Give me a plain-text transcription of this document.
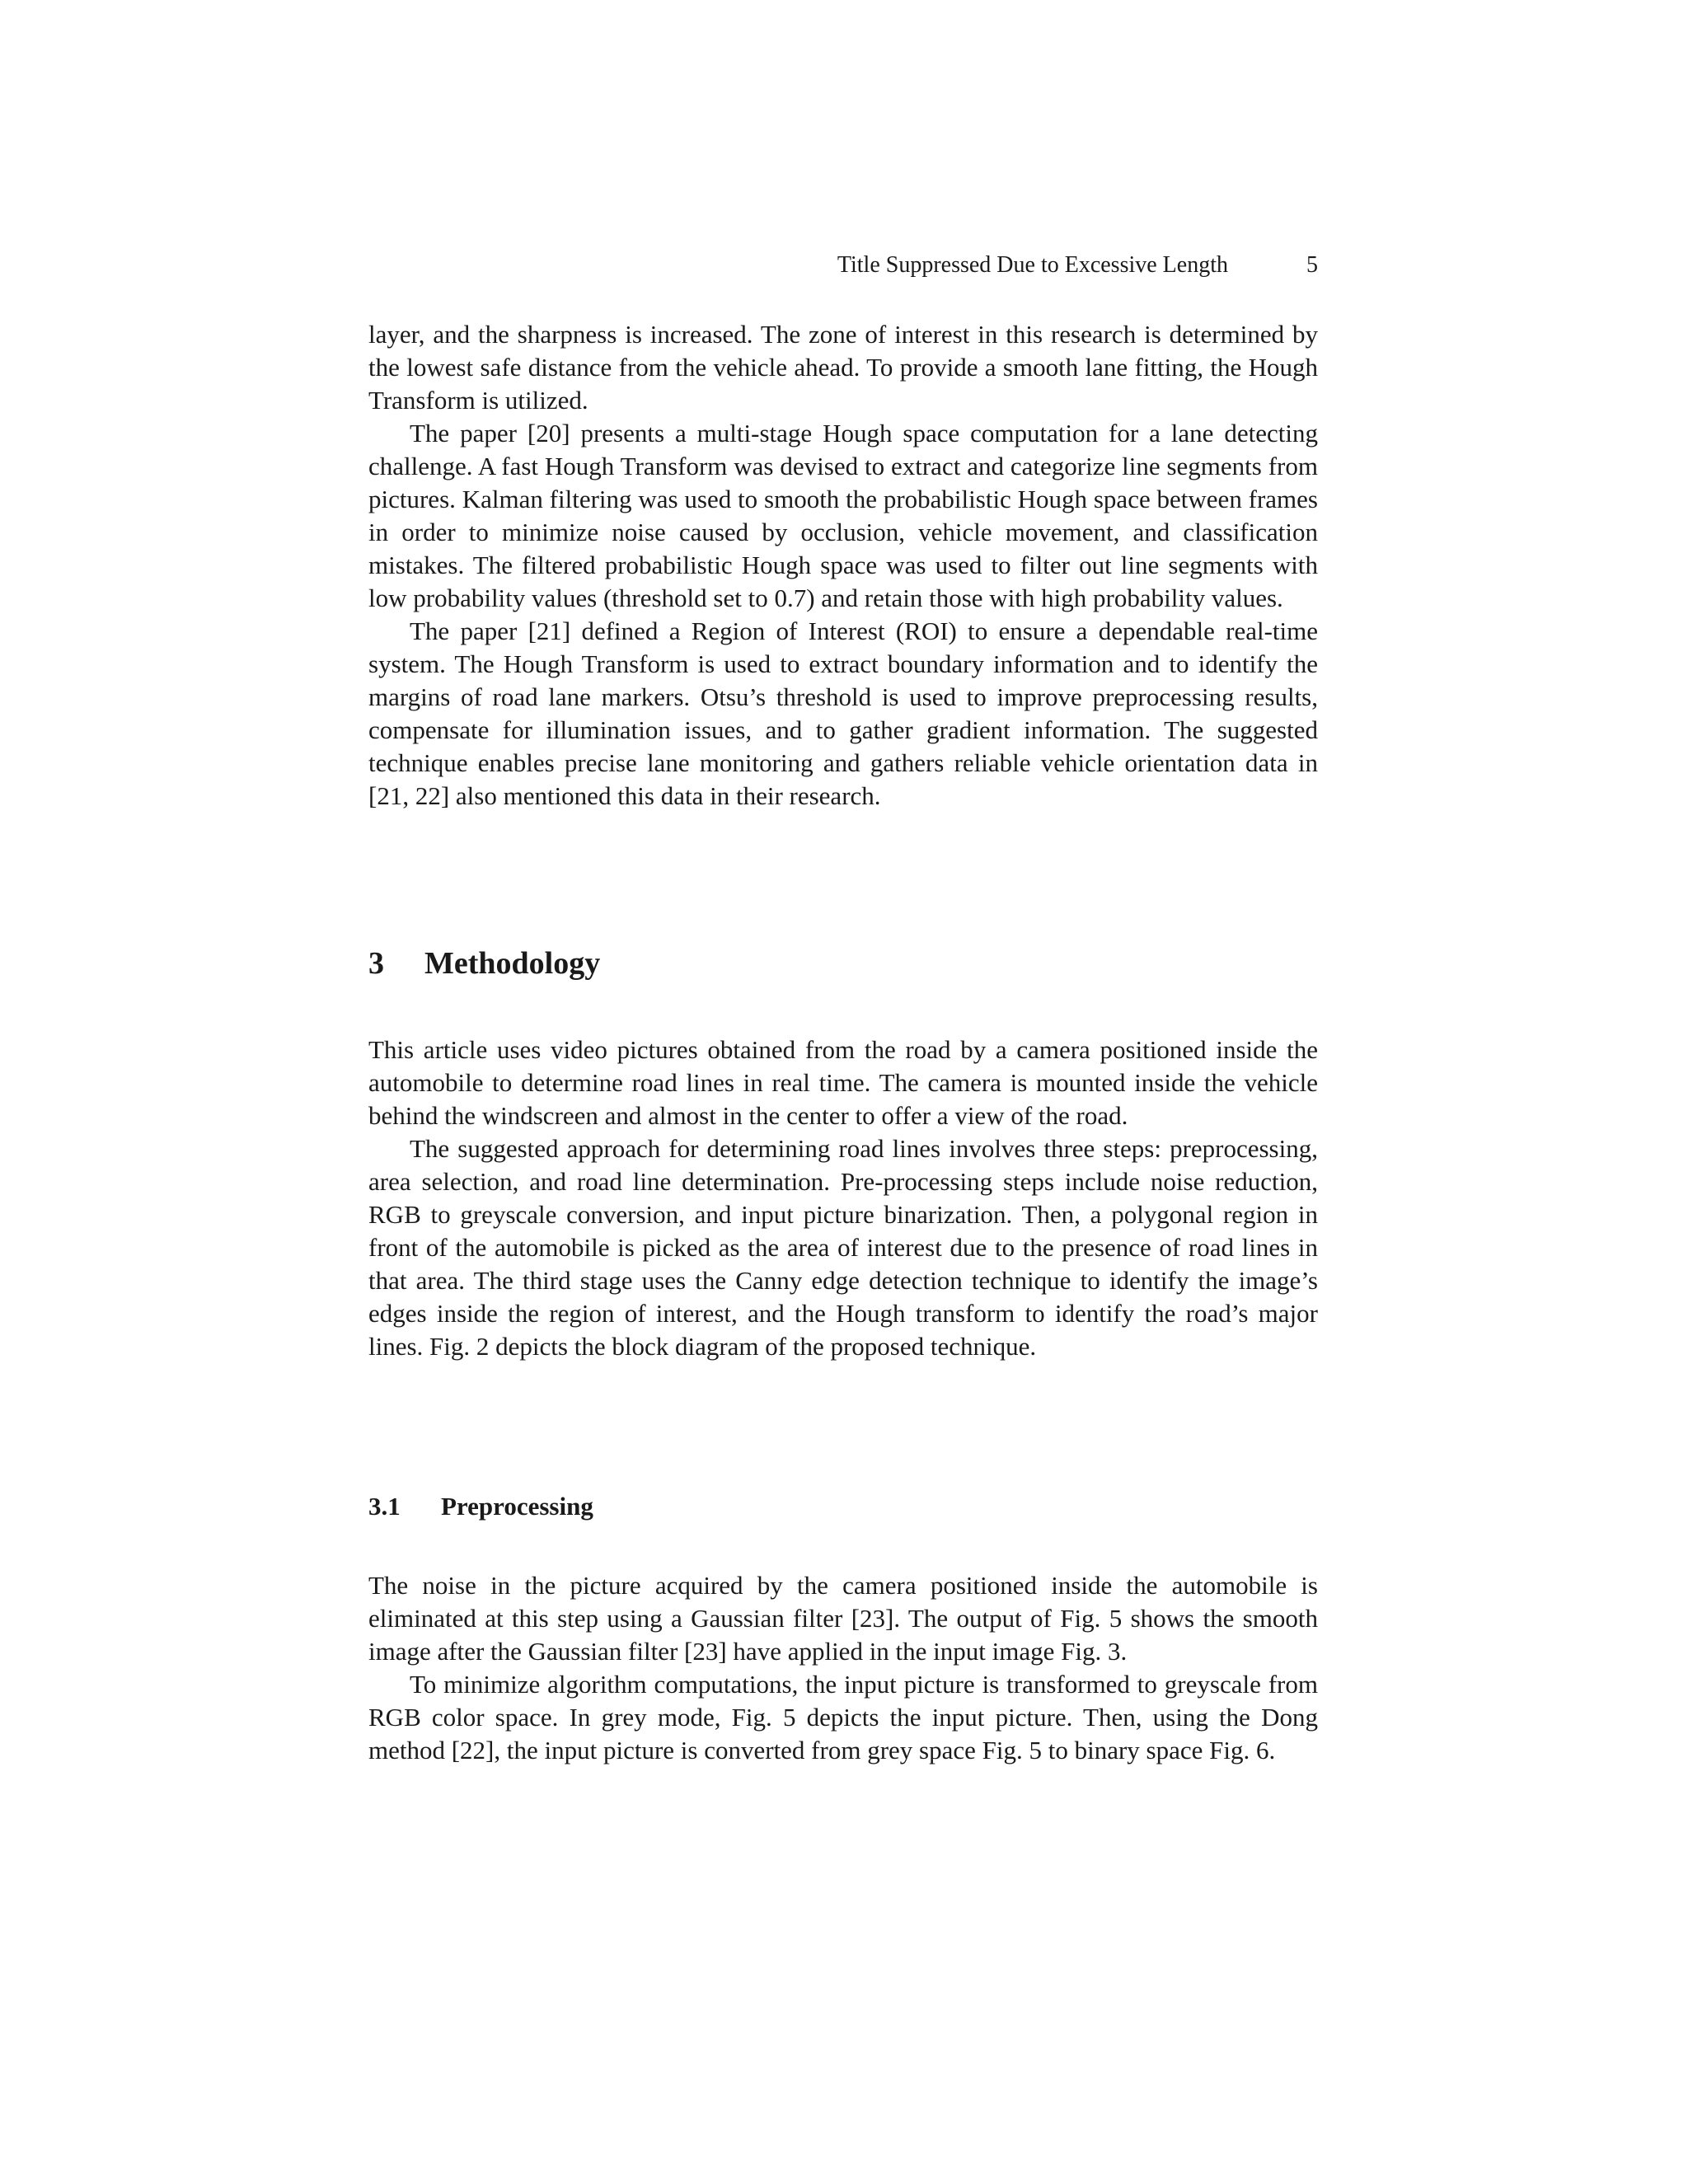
Title Suppressed Due to Excessive Length	5

layer, and the sharpness is increased. The zone of interest in this research is determined by the lowest safe distance from the vehicle ahead. To provide a smooth lane fitting, the Hough Transform is utilized.

The paper [20] presents a multi-stage Hough space computation for a lane detecting challenge. A fast Hough Transform was devised to extract and categorize line segments from pictures. Kalman filtering was used to smooth the probabilistic Hough space between frames in order to minimize noise caused by occlusion, vehicle movement, and classification mistakes. The filtered probabilistic Hough space was used to filter out line segments with low probability values (threshold set to 0.7) and retain those with high probability values.

The paper [21] defined a Region of Interest (ROI) to ensure a dependable real-time system. The Hough Transform is used to extract boundary information and to identify the margins of road lane markers. Otsu’s threshold is used to improve preprocessing results, compensate for illumination issues, and to gather gradient information. The suggested technique enables precise lane monitoring and gathers reliable vehicle orientation data in [21, 22] also mentioned this data in their research.

3 Methodology

This article uses video pictures obtained from the road by a camera positioned inside the automobile to determine road lines in real time. The camera is mounted inside the vehicle behind the windscreen and almost in the center to offer a view of the road.

The suggested approach for determining road lines involves three steps: preprocessing, area selection, and road line determination. Pre-processing steps include noise reduction, RGB to greyscale conversion, and input picture binarization. Then, a polygonal region in front of the automobile is picked as the area of interest due to the presence of road lines in that area. The third stage uses the Canny edge detection technique to identify the image’s edges inside the region of interest, and the Hough transform to identify the road’s major lines. Fig. 2 depicts the block diagram of the proposed technique.

3.1 Preprocessing

The noise in the picture acquired by the camera positioned inside the automobile is eliminated at this step using a Gaussian filter [23]. The output of Fig. 5 shows the smooth image after the Gaussian filter [23] have applied in the input image Fig. 3.

To minimize algorithm computations, the input picture is transformed to greyscale from RGB color space. In grey mode, Fig. 5 depicts the input picture. Then, using the Dong method [22], the input picture is converted from grey space Fig. 5 to binary space Fig. 6.
